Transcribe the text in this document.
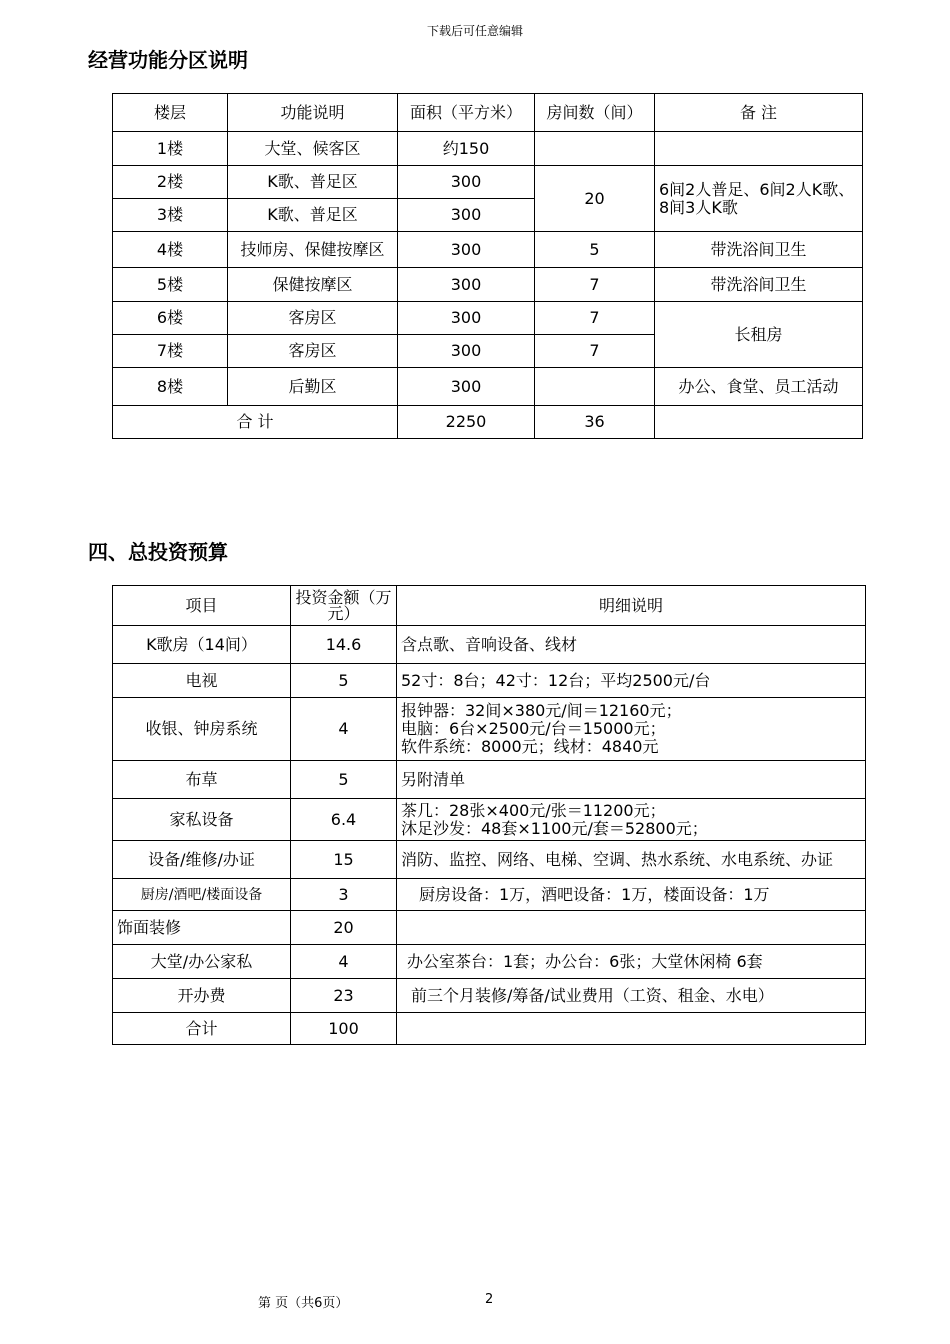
下载后可任意编辑
经营功能分区说明
楼层	功能说明	面积（平方米）	房间数（间）	备 注
1楼	大堂、候客区	约150		
2楼	K歌、普足区	300	20	6间2人普足、6间2人K歌、8间3人K歌
3楼	K歌、普足区	300		
4楼	技师房、保健按摩区	300	5	带洗浴间卫生
5楼	保健按摩区	300	7	带洗浴间卫生
6楼	客房区	300	7	长租房
7楼	客房区	300	7	
8楼	后勤区	300		办公、食堂、员工活动
合 计		2250	36	
四、总投资预算
项目	投资金额（万元）	明细说明
K歌房（14间）	14.6	含点歌、音响设备、线材
电视	5	52寸：8台；42寸：12台；平均2500元/台
收银、钟房系统	4	报钟器：32间×380元/间＝12160元；
电脑：6台×2500元/台＝15000元；
软件系统：8000元；线材：4840元

布草	5	另附清单
家私设备	6.4	茶几：28张×400元/张＝11200元；
沐足沙发：48套×1100元/套＝52800元；

设备/维修/办证	15	消防、监控、网络、电梯、空调、热水系统、水电系统、办证
厨房/酒吧/楼面设备	3	厨房设备：1万，酒吧设备：1万，楼面设备：1万
饰面装修	20	
大堂/办公家私	4	办公室茶台：1套；办公台：6张；大堂休闲椅 6套
开办费	23	前三个月装修/筹备/试业费用（工资、租金、水电）
合计	100	
第 页（共6页）	2
